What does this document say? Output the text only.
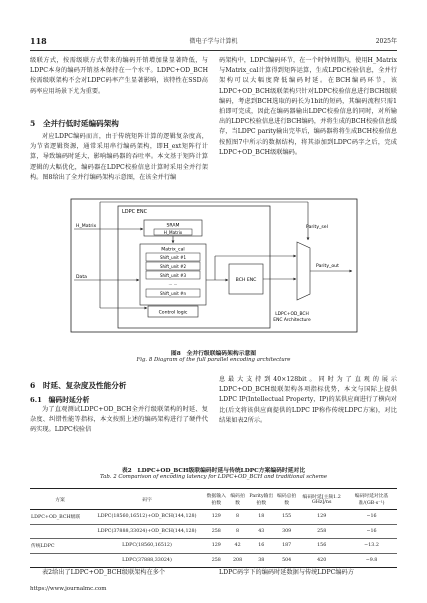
118	微电子学与计算机	2025年

级联方式，按需级联方式带来的编码开销增加量显著降低，与LDPC本身的编码开销基本保持在一个水平。LDPC+OD_BCH按需级联架构不会对LDPC码率产生显著影响，该特性在SSD高码率应用场景下尤为重要。

5　全并行低时延编码架构

对应LDPC编码而言，由于传统矩阵计算的逻辑复杂度高，为节省逻辑资源，通常采用串行编码架构，即H_ext矩阵行计算，导致编码时延大，影响编码器的吞吐率。本文基于矩阵计算逻辑的大幅优化，编码器在LDPC校验信息计算时采用全并行架构。图8给出了全并行编码架构示意图，在该全并行编

码架构中，LDPC编码环节，在一个时钟周期内，使用H_Matrix与Matrix_cal计算得到矩阵运算，生成LPDC校验信息，全并行架构可以大幅度降低编码时延。在BCH编码环节，该LDPC+OD_BCH级联架构只针对LDPC校验信息进行BCH级联编码，考虑到BCH选取的码长为1bit的短码，其编码流程只需1拍即可完成，因此在编码器输出LDPC校验信息的同时，对所输出的LDPC校验信息进行BCH编码，并将生成的BCH校验信息缓存，当LDPC parity输出完毕后，编码器将将生成BCH校验信息按照图7中所示的数据结构，将其添加到LDPC码字之后，完成LDPC+OD_BCH级联编码。

LDPC ENC
SRAM
H_Matrix
H_Matrix
Matrix_cal
Shift_unit #1
Shift_unit #2
Shift_unit #3
... ...
Shift_unit #n
Data
Control logic
BCH ENC
Parity_sel
Parity_out
LDPC+OD_BCH
ENC Architecture
图8　全并行级联编码架构示意图
Fig. 8 Diagram of the full parallel encoding architecture
6　时延、复杂度及性能分析
6.1　编码时延分析

为了直观测试LDPC+OD_BCH全并行级联架构的时延、复杂度、纠错性能等指标，本文按照上述的编码架构进行了硬件代码实现。LDPC校验信

息最大支持到40×128bit。同时为了直观的展示LDPC+OD_BCH级联架构各项指标优势，本文与国际上提供LDPC IP(Intellectual Property，IP)的某供应商进行了横向对比(后文将该供应商提供的LDPC IP称作传统LDPC方案)，对比结果如表2所示。

表2　LDPC+OD_BCH级联编码时延与传统LDPC方案编码时延对比
Tab. 2 Comparison of encoding latency for LDPC+OD_BCH and traditional scheme
方案	码字	数据输入拍数	编码拍数	Parity输出拍数	编码总拍数	编码时延[主频1.2 GHz]/ns	编码时延对比基准/(GB·s⁻¹)
LDPC+OD_BCH级联	LDPC(18560,16512)+OD_BCH(144,128)	129	8	18	155	129	−16
	LDPC(37888,33024)+OD_BCH(144,128)	258	8	43	309	258	−16
传统LDPC	LDPC(18560,16512)	129	42	16	187	156	−13.2
	LDPC(37888,33024)	258	208	38	504	420	−9.8

表2给出了LDPC+OD_BCH级联架构在多个	LDPC码字下的编码时延数据与传统LDPC编码方

https://www.journalmc.com
